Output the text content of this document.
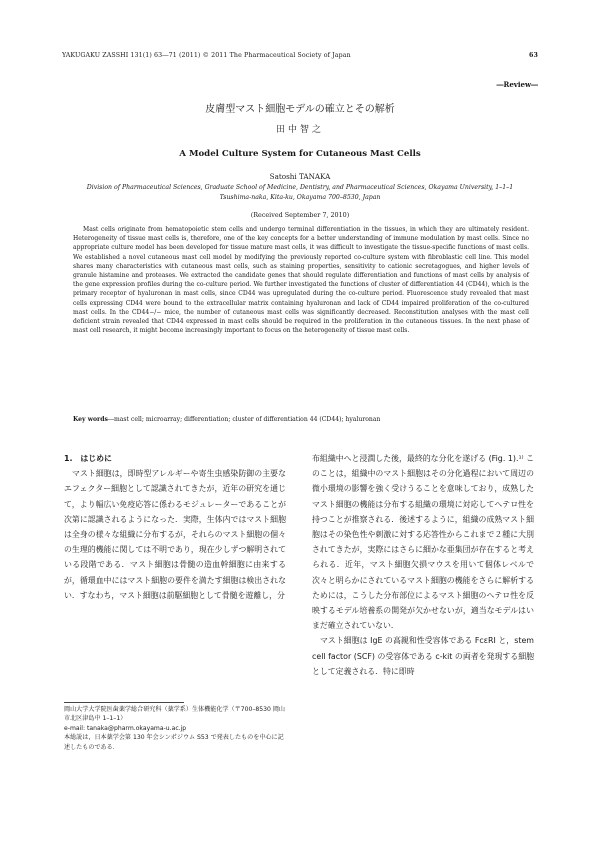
YAKUGAKU ZASSHI 131(1) 63―71 (2011) © 2011 The Pharmaceutical Society of Japan	63
―Review―
皮膚型マスト細胞モデルの確立とその解析
田中智之
A Model Culture System for Cutaneous Mast Cells
Satoshi TANAKA
Division of Pharmaceutical Sciences, Graduate School of Medicine, Dentistry, and Pharmaceutical Sciences, Okayama University, 1–1–1 Tsushima-naka, Kita-ku, Okayama 700–8530, Japan
(Received September 7, 2010)

Mast cells originate from hematopoietic stem cells and undergo terminal differentiation in the tissues, in which they are ultimately resident. Heterogeneity of tissue mast cells is, therefore, one of the key concepts for a better understanding of immune modulation by mast cells. Since no appropriate culture model has been developed for tissue mature mast cells, it was difficult to investigate the tissue-specific functions of mast cells. We established a novel cutaneous mast cell model by modifying the previously reported co-culture system with fibroblastic cell line. This model shares many characteristics with cutaneous mast cells, such as staining properties, sensitivity to cationic secretagogues, and higher levels of granule histamine and proteases. We extracted the candidate genes that should regulate differentiation and functions of mast cells by analysis of the gene expression profiles during the co-culture period. We further investigated the functions of cluster of differentiation 44 (CD44), which is the primary receptor of hyaluronan in mast cells, since CD44 was upregulated during the co-culture period. Fluorescence study revealed that mast cells expressing CD44 were bound to the extracellular matrix containing hyaluronan and lack of CD44 impaired proliferation of the co-cultured mast cells. In the CD44−/− mice, the number of cutaneous mast cells was significantly decreased. Reconstitution analyses with the mast cell deficient strain revealed that CD44 expressed in mast cells should be required in the proliferation in the cutaneous tissues. In the next phase of mast cell research, it might become increasingly important to focus on the heterogeneity of tissue mast cells.

Key words―mast cell; microarray; differentiation; cluster of differentiation 44 (CD44); hyaluronan

1.　はじめに

マスト細胞は，即時型アレルギーや寄生虫感染防御の主要なエフェクター細胞として認識されてきたが，近年の研究を通じて，より幅広い免疫応答に係わるモジュレーターであることが次第に認識されるようになった．実際，生体内ではマスト細胞は全身の様々な組織に分布するが，それらのマスト細胞の個々の生理的機能に関しては不明であり，現在少しずつ解明されている段階である．マスト細胞は骨髄の造血幹細胞に由来するが，循環血中にはマスト細胞の要件を満たす細胞は検出されない．すなわち，マスト細胞は前駆細胞として骨髄を遊離し，分

布組織中へと浸潤した後，最終的な分化を遂げる (Fig. 1).¹⁾ このことは，組織中のマスト細胞はその分化過程において周辺の微小環境の影響を強く受けうることを意味しており，成熟したマスト細胞の機能は分布する組織の環境に対応してヘテロ性を持つことが推察される．後述するように，組織の成熟マスト細胞はその染色性や刺激に対する応答性からこれまで２種に大別されてきたが，実際にはさらに細かな亜集団が存在すると考えられる．近年，マスト細胞欠損マウスを用いて個体レベルで次々と明らかにされているマスト細胞の機能をさらに解析するためには，こうした分布部位によるマスト細胞のヘテロ性を反映するモデル培養系の開発が欠かせないが，適当なモデルはいまだ確立されていない．

マスト細胞は IgE の高親和性受容体である FcεRI と，stem cell factor (SCF) の受容体である c-kit の両者を発現する細胞として定義される．特に即時

岡山大学大学院医歯薬学総合研究科（薬学系）生体機能化学（〒700–8530 岡山市北区津島中 1–1–1）
e-mail: tanaka@pharm.okayama-u.ac.jp
本総説は，日本薬学会第 130 年会シンポジウム S53 で発表したものを中心に記述したものである．
